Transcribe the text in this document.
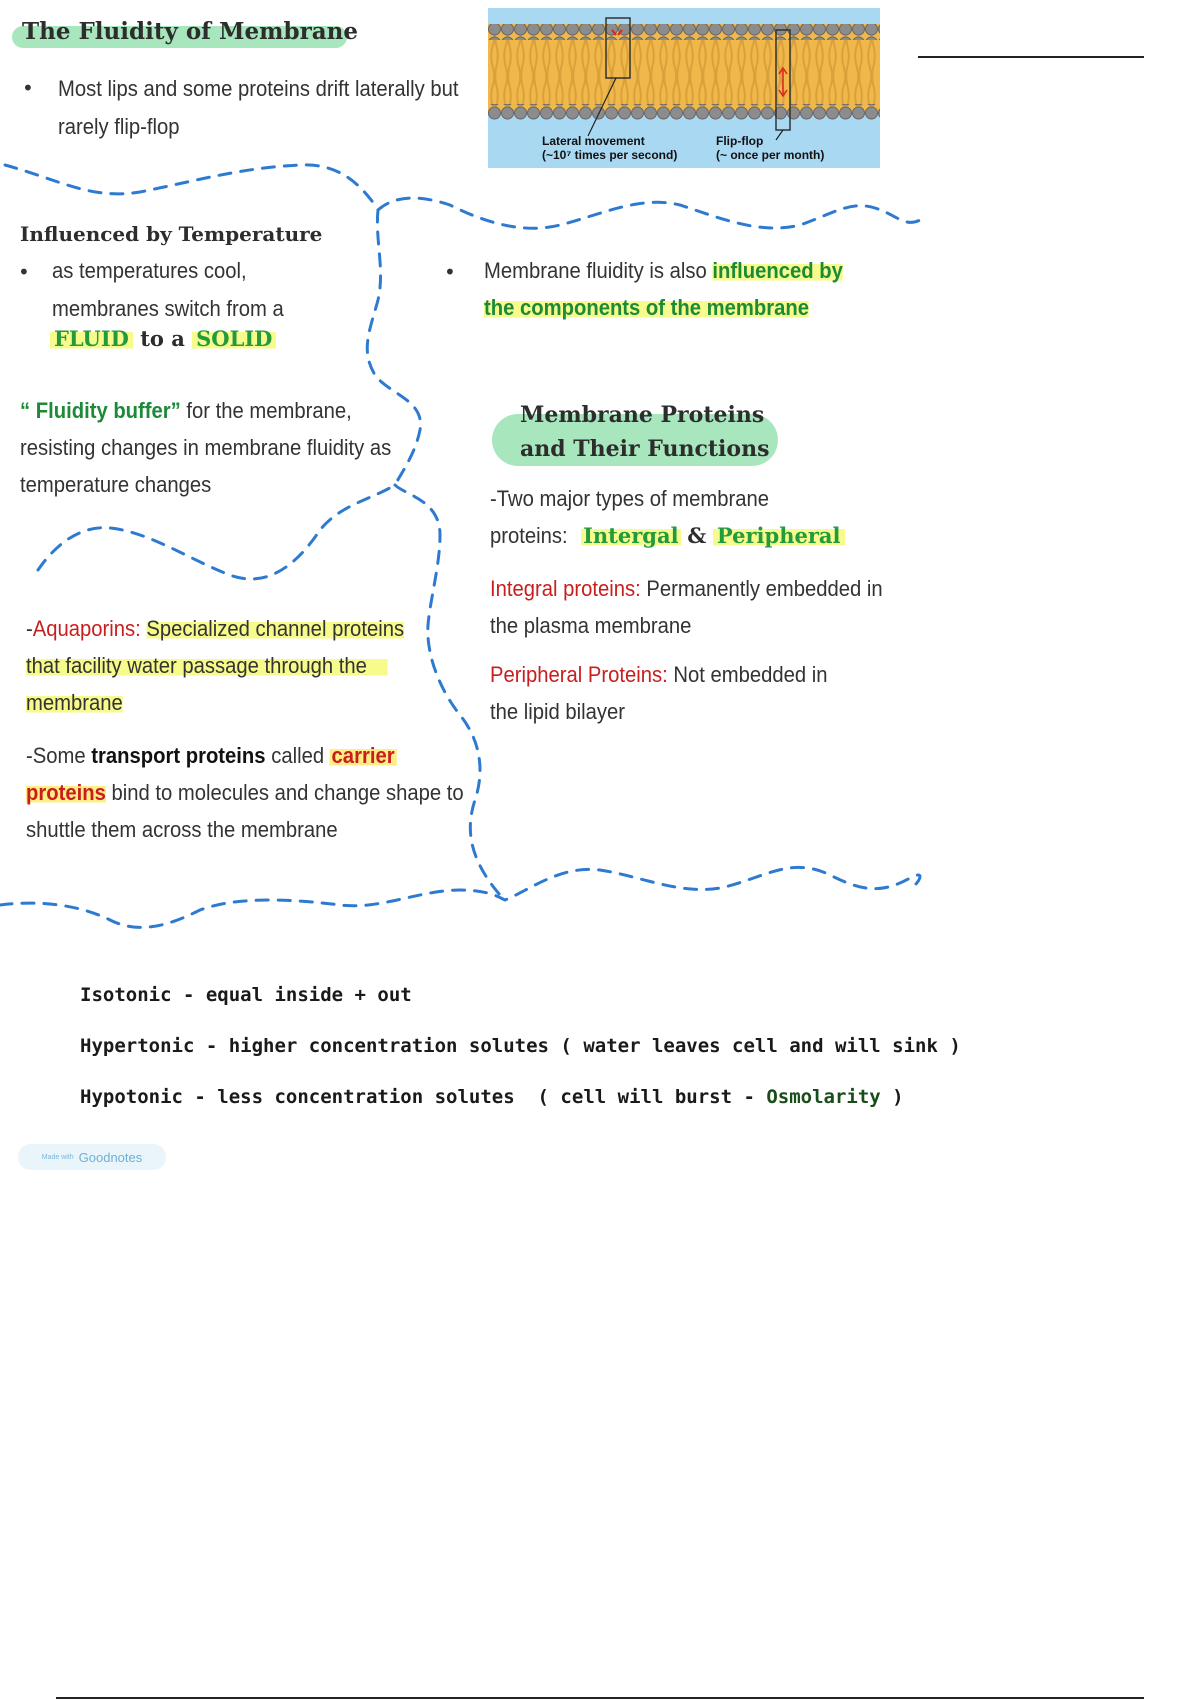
The Fluidity of Membrane
• Most lips and some proteins drift laterally but rarely flip-flop
Lateral movement
(~10⁷ times per second)
Flip-flop
(~ once per month)
Influenced by Temperature
• as temperatures cool,
membranes switch from a
FLUID to a SOLID
“ Fluidity buffer” for the membrane,
resisting changes in membrane fluidity as
temperature changes
• Membrane fluidity is also influenced by
the components of the membrane
Membrane Proteins
and Their Functions
-Two major types of membrane
proteins: Intergal & Peripheral
Integral proteins: Permanently embedded in
the plasma membrane
Peripheral Proteins: Not embedded in
the lipid bilayer
-Aquaporins: Specialized channel proteins
that facility water passage through the
membrane
-Some transport proteins called carrier
proteins bind to molecules and change shape to
shuttle them across the membrane
Isotonic - equal inside + out
Hypertonic - higher concentration solutes ( water leaves cell and will sink )
Hypotonic - less concentration solutes  ( cell will burst - Osmolarity )
Made with Goodnotes
